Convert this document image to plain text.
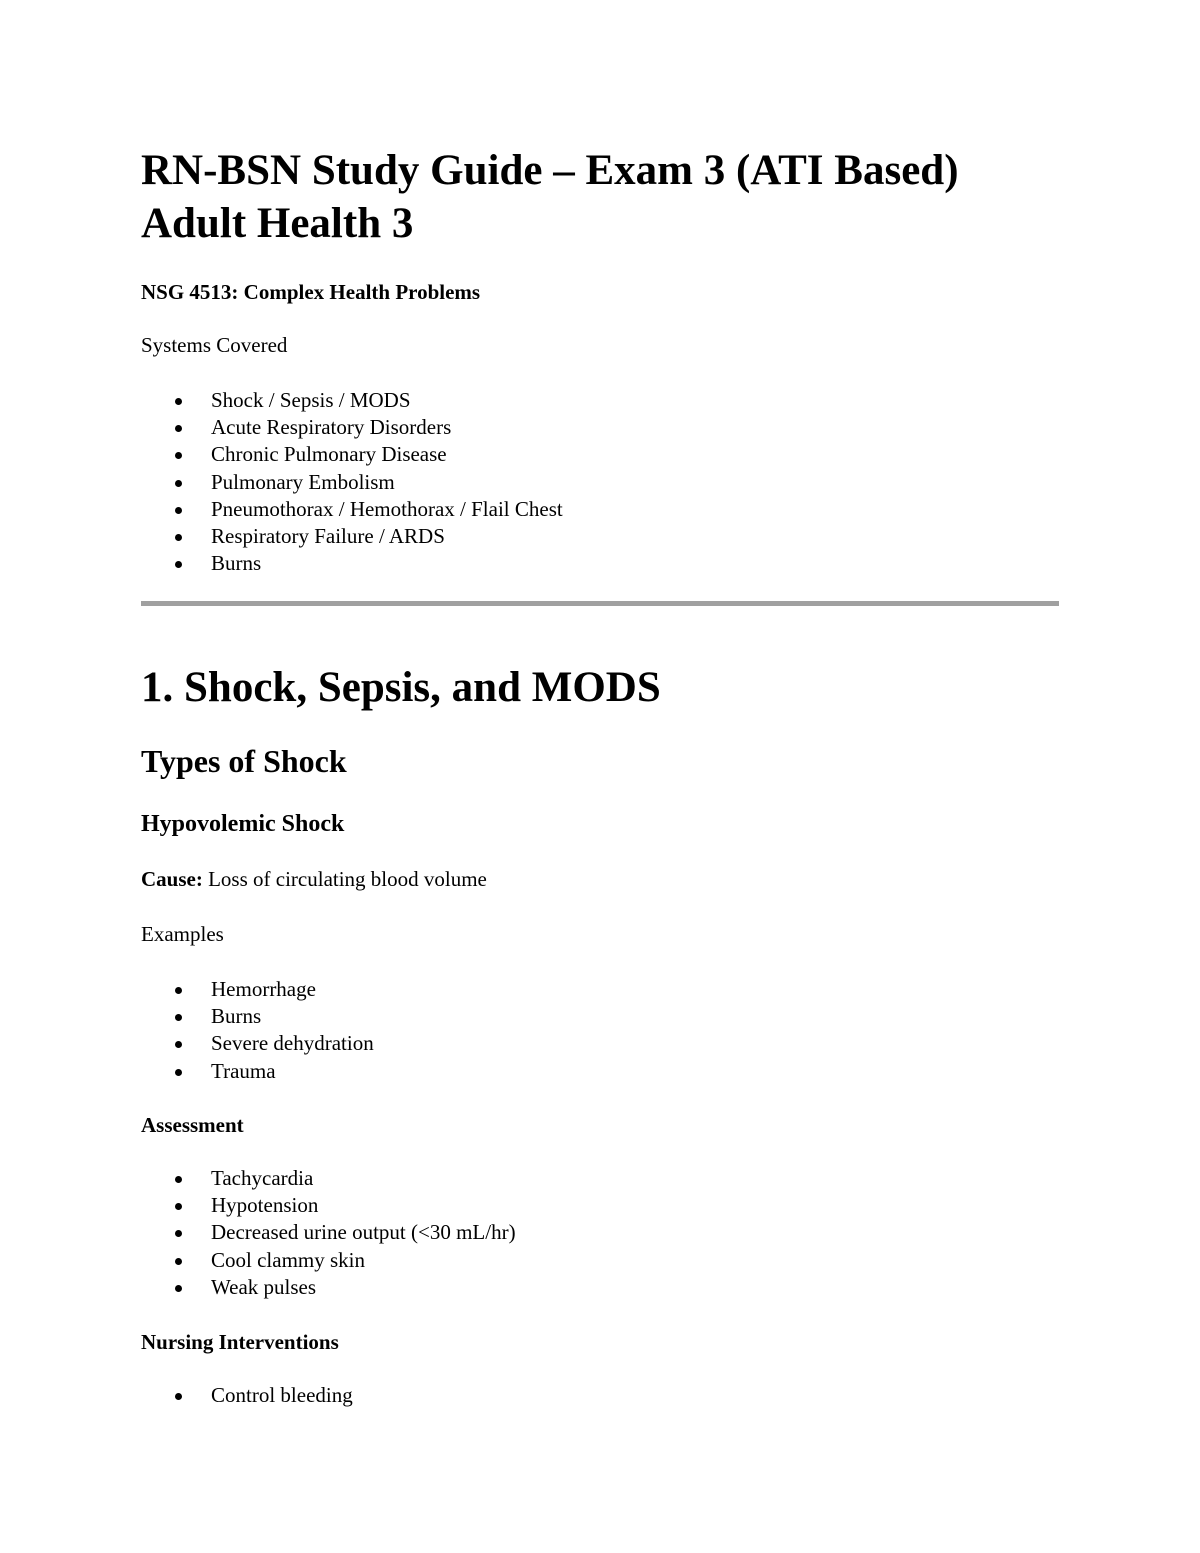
RN-BSN Study Guide – Exam 3 (ATI Based)
Adult Health 3

NSG 4513: Complex Health Problems

Systems Covered

Shock / Sepsis / MODS
Acute Respiratory Disorders
Chronic Pulmonary Disease
Pulmonary Embolism
Pneumothorax / Hemothorax / Flail Chest
Respiratory Failure / ARDS
Burns
1. Shock, Sepsis, and MODS
Types of Shock
Hypovolemic Shock

Cause: Loss of circulating blood volume

Examples

Hemorrhage
Burns
Severe dehydration
Trauma

Assessment

Tachycardia
Hypotension
Decreased urine output (<30 mL/hr)
Cool clammy skin
Weak pulses

Nursing Interventions

Control bleeding
